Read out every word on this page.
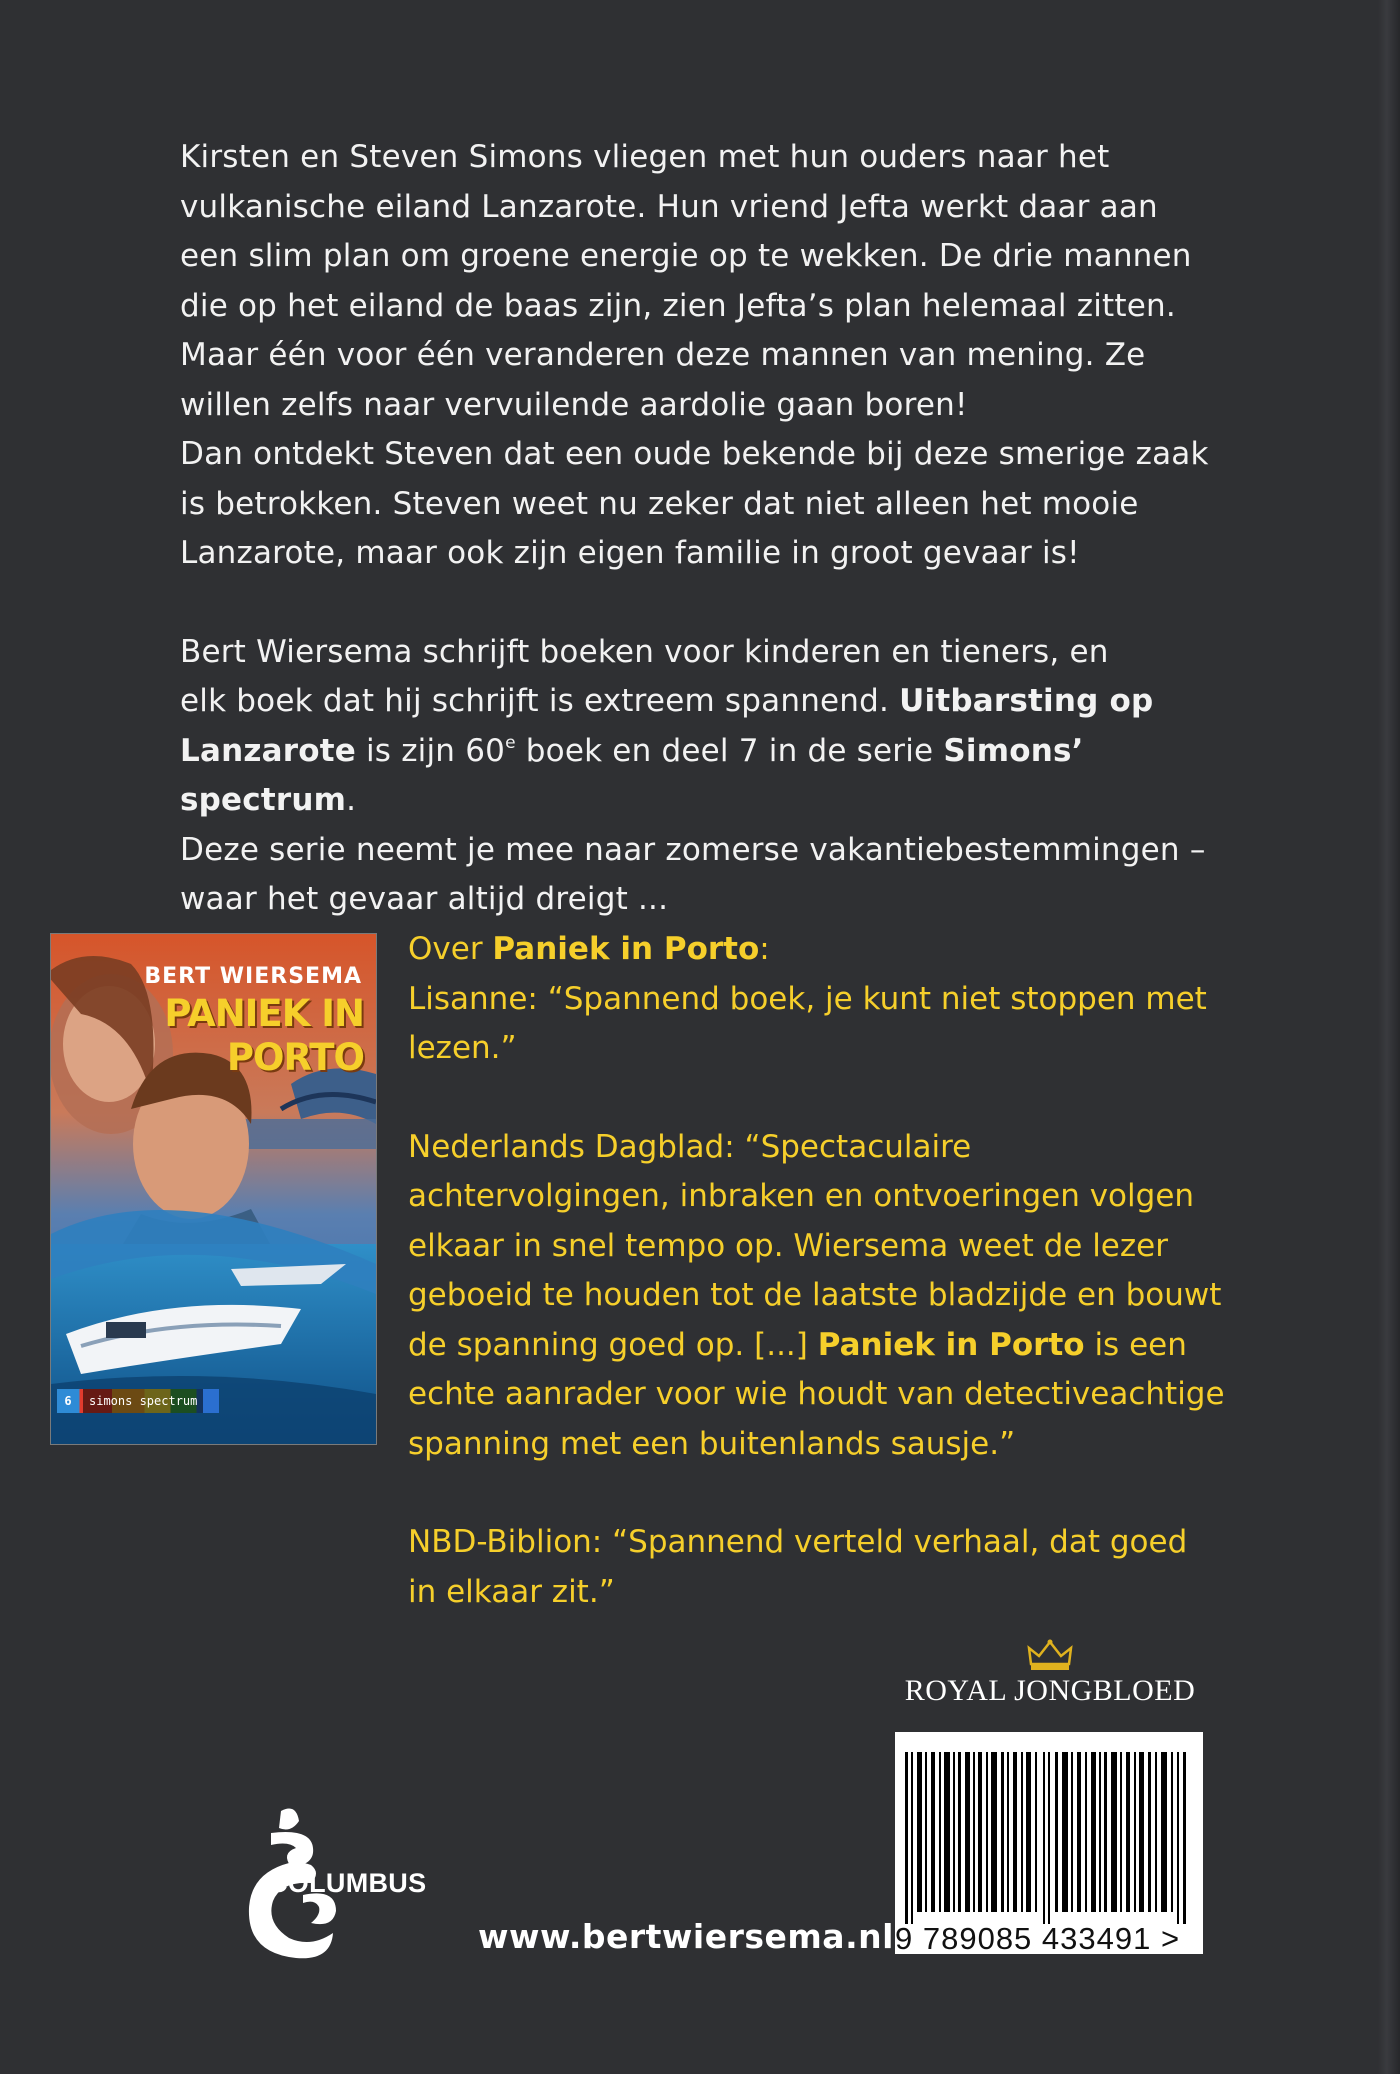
Kirsten en Steven Simons vliegen met hun ouders naar het

vulkanische eiland Lanzarote. Hun vriend Jefta werkt daar aan

een slim plan om groene energie op te wekken. De drie mannen

die op het eiland de baas zijn, zien Jefta’s plan helemaal zitten.

Maar één voor één veranderen deze mannen van mening. Ze

willen zelfs naar vervuilende aardolie gaan boren!

Dan ontdekt Steven dat een oude bekende bij deze smerige zaak

is betrokken. Steven weet nu zeker dat niet alleen het mooie

Lanzarote, maar ook zijn eigen familie in groot gevaar is!

Bert Wiersema schrijft boeken voor kinderen en tieners, en

elk boek dat hij schrijft is extreem spannend. Uitbarsting op

Lanzarote is zijn 60e boek en deel 7 in de serie Simons’ spectrum.

Deze serie neemt je mee naar zomerse vakantiebestemmingen –

waar het gevaar altijd dreigt ...

BERT WIERSEMA
PANIEK IN
PORTO
6	simons spectrum

Over Paniek in Porto:

Lisanne: “Spannend boek, je kunt niet stoppen met

lezen.”

Nederlands Dagblad: “Spectaculaire

achtervolgingen, inbraken en ontvoeringen volgen

elkaar in snel tempo op. Wiersema weet de lezer

geboeid te houden tot de laatste bladzijde en bouwt

de spanning goed op. [...] Paniek in Porto is een

echte aanrader voor wie houdt van detectiveachtige

spanning met een buitenlands sausje.”

NBD-Biblion: “Spannend verteld verhaal, dat goed

in elkaar zit.”

ROYAL JONGBLOED
9 789085 433491 >
COLUMBUS
www.bertwiersema.nl
